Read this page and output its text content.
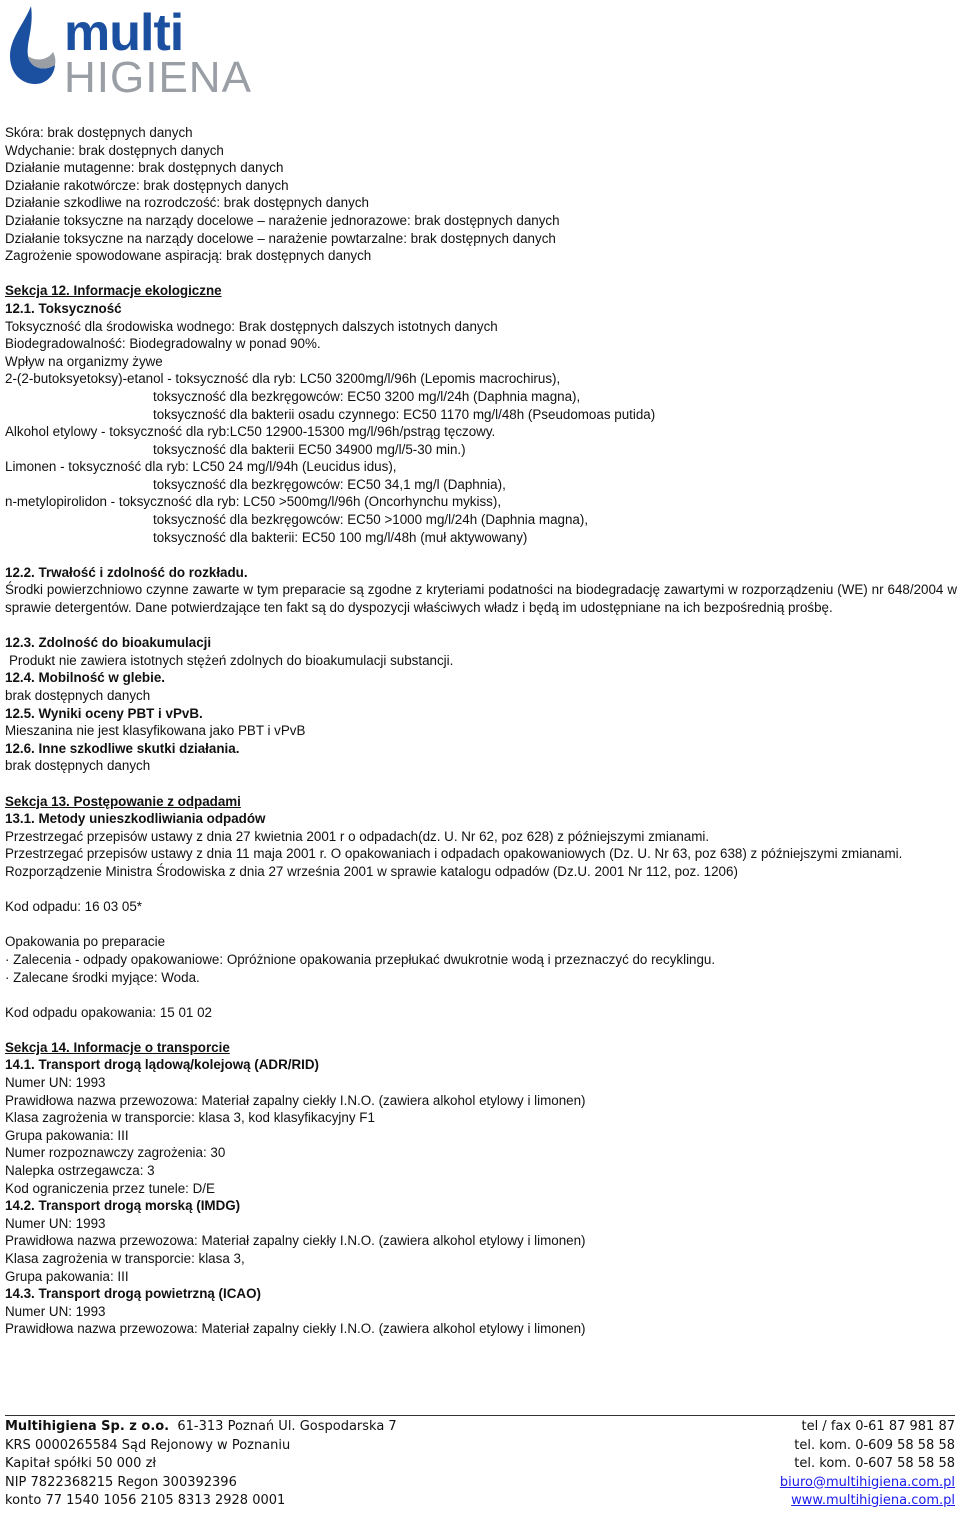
multi
HIGIENA
Skóra: brak dostępnych danych
Wdychanie: brak dostępnych danych
Działanie mutagenne: brak dostępnych danych
Działanie rakotwórcze: brak dostępnych danych
Działanie szkodliwe na rozrodczość: brak dostępnych danych
Działanie toksyczne na narządy docelowe – narażenie jednorazowe: brak dostępnych danych
Działanie toksyczne na narządy docelowe – narażenie powtarzalne: brak dostępnych danych
Zagrożenie spowodowane aspiracją: brak dostępnych danych
Sekcja 12. Informacje ekologiczne
12.1. Toksyczność
Toksyczność dla środowiska wodnego: Brak dostępnych dalszych istotnych danych
Biodegradowalność: Biodegradowalny w ponad 90%.
Wpływ na organizmy żywe
2-(2-butoksyetoksy)-etanol - toksyczność dla ryb: LC50 3200mg/l/96h (Lepomis macrochirus),
toksyczność dla bezkręgowców: EC50 3200 mg/l/24h (Daphnia magna),
toksyczność dla bakterii osadu czynnego: EC50 1170 mg/l/48h (Pseudomoas putida)
Alkohol etylowy - toksyczność dla ryb:LC50 12900-15300 mg/l/96h/pstrąg tęczowy.
toksyczność dla bakterii EC50 34900 mg/l/5-30 min.)
Limonen - toksyczność dla ryb: LC50 24 mg/l/94h (Leucidus idus),
toksyczność dla bezkręgowców: EC50 34,1 mg/l (Daphnia),
n-metylopirolidon - toksyczność dla ryb: LC50 >500mg/l/96h (Oncorhynchu mykiss),
toksyczność dla bezkręgowców: EC50 >1000 mg/l/24h (Daphnia magna),
toksyczność dla bakterii: EC50 100 mg/l/48h (muł aktywowany)
12.2. Trwałość i zdolność do rozkładu.
Środki powierzchniowo czynne zawarte w tym preparacie są zgodne z kryteriami podatności na biodegradację zawartymi w rozporządzeniu (WE) nr 648/2004 w sprawie detergentów. Dane potwierdzające ten fakt są do dyspozycji właściwych władz i będą im udostępniane na ich bezpośrednią prośbę.
12.3. Zdolność do bioakumulacji
Produkt nie zawiera istotnych stężeń zdolnych do bioakumulacji substancji.
12.4. Mobilność w glebie.
brak dostępnych danych
12.5. Wyniki oceny PBT i vPvB.
Mieszanina nie jest klasyfikowana jako PBT i vPvB
12.6. Inne szkodliwe skutki działania.
brak dostępnych danych
Sekcja 13. Postępowanie z odpadami
13.1. Metody unieszkodliwiania odpadów
Przestrzegać przepisów ustawy z dnia 27 kwietnia 2001 r o odpadach(dz. U. Nr 62, poz 628) z późniejszymi zmianami.
Przestrzegać przepisów ustawy z dnia 11 maja 2001 r. O opakowaniach i odpadach opakowaniowych (Dz. U. Nr 63, poz 638) z późniejszymi zmianami.
Rozporządzenie Ministra Środowiska z dnia 27 września 2001 w sprawie katalogu odpadów (Dz.U. 2001 Nr 112, poz. 1206)
Kod odpadu: 16 03 05*
Opakowania po preparacie
· Zalecenia - odpady opakowaniowe: Opróżnione opakowania przepłukać dwukrotnie wodą i przeznaczyć do recyklingu.
· Zalecane środki myjące: Woda.
Kod odpadu opakowania: 15 01 02
Sekcja 14. Informacje o transporcie
14.1. Transport drogą lądową/kolejową (ADR/RID)
Numer UN: 1993
Prawidłowa nazwa przewozowa: Materiał zapalny ciekły I.N.O. (zawiera alkohol etylowy i limonen)
Klasa zagrożenia w transporcie: klasa 3, kod klasyfikacyjny F1
Grupa pakowania: III
Numer rozpoznawczy zagrożenia: 30
Nalepka ostrzegawcza: 3
Kod ograniczenia przez tunele: D/E
14.2. Transport drogą morską (IMDG)
Numer UN: 1993
Prawidłowa nazwa przewozowa: Materiał zapalny ciekły I.N.O. (zawiera alkohol etylowy i limonen)
Klasa zagrożenia w transporcie: klasa 3,
Grupa pakowania: III
14.3. Transport drogą powietrzną (ICAO)
Numer UN: 1993
Prawidłowa nazwa przewozowa: Materiał zapalny ciekły I.N.O. (zawiera alkohol etylowy i limonen)
Multihigiena Sp. z o.o. 61-313 Poznań Ul. Gospodarska 7	tel / fax 0-61 87 981 87
KRS 0000265584 Sąd Rejonowy w Poznaniu	tel. kom. 0-609 58 58 58
Kapitał spółki 50 000 zł	tel. kom. 0-607 58 58 58
NIP 7822368215 Regon 300392396	biuro@multihigiena.com.pl
konto 77 1540 1056 2105 8313 2928 0001	www.multihigiena.com.pl
